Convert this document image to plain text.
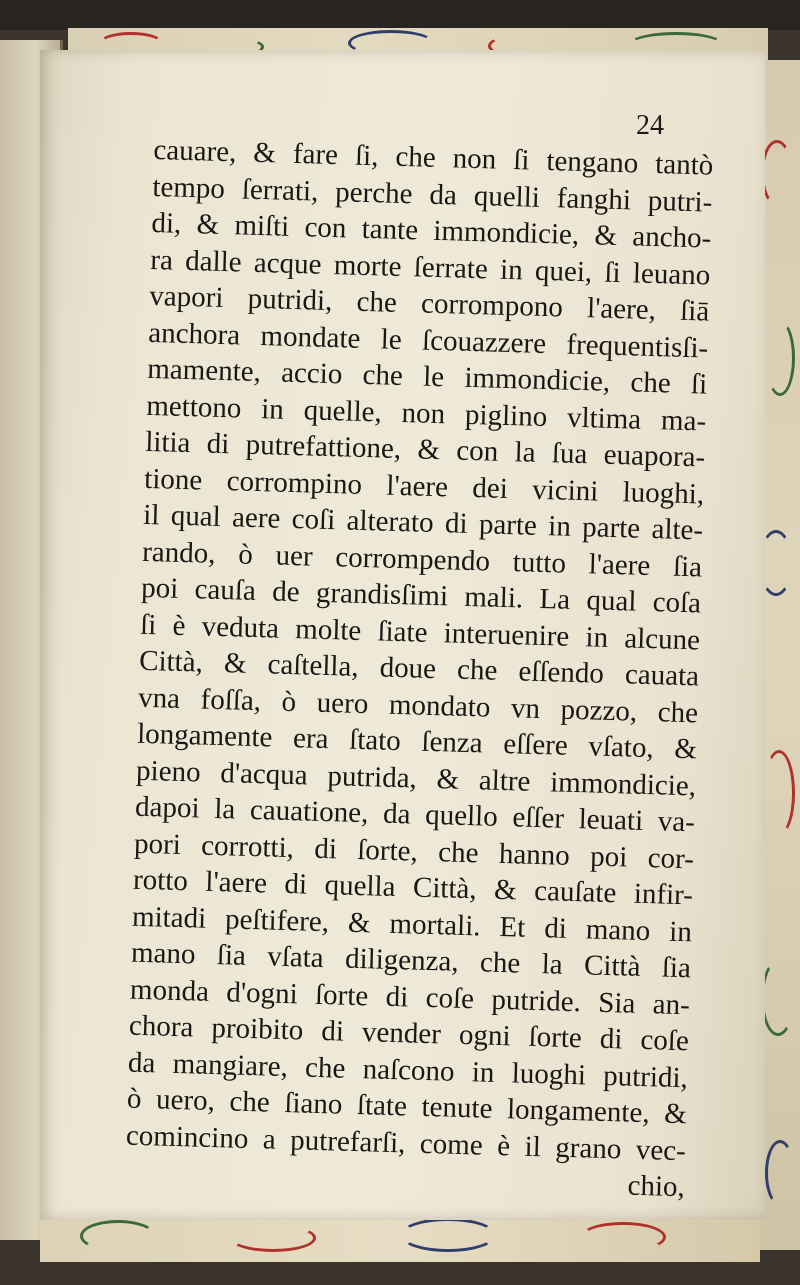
24
cauare, & fare ſi, che non ſi tengano tantò
tempo ſerrati, perche da quelli fanghi putri-
di, & miſti con tante immondicie, & ancho-
ra dalle acque morte ſerrate in quei, ſi leuano
vapori putridi, che corrompono l'aere, ſiā
anchora mondate le ſcouazzere frequentisſi-
mamente, accio che le immondicie, che ſi
mettono in quelle, non piglino vltima ma-
litia di putrefattione, & con la ſua euapora-
tione corrompino l'aere dei vicini luoghi,
il qual aere coſi alterato di parte in parte alte-
rando, ò uer corrompendo tutto l'aere ſia
poi cauſa de grandisſimi mali. La qual coſa
ſi è veduta molte ſiate interuenire in alcune
Città, & caſtella, doue che eſſendo cauata
vna foſſa, ò uero mondato vn pozzo, che
longamente era ſtato ſenza eſſere vſato, &
pieno d'acqua putrida, & altre immondicie,
dapoi la cauatione, da quello eſſer leuati va-
pori corrotti, di ſorte, che hanno poi cor-
rotto l'aere di quella Città, & cauſate infir-
mitadi peſtifere, & mortali. Et di mano in
mano ſia vſata diligenza, che la Città ſia
monda d'ogni ſorte di coſe putride. Sia an-
chora proibito di vender ogni ſorte di coſe
da mangiare, che naſcono in luoghi putridi,
ò uero, che ſiano ſtate tenute longamente, &
comincino a putrefarſi, come è il grano vec-
chio,
